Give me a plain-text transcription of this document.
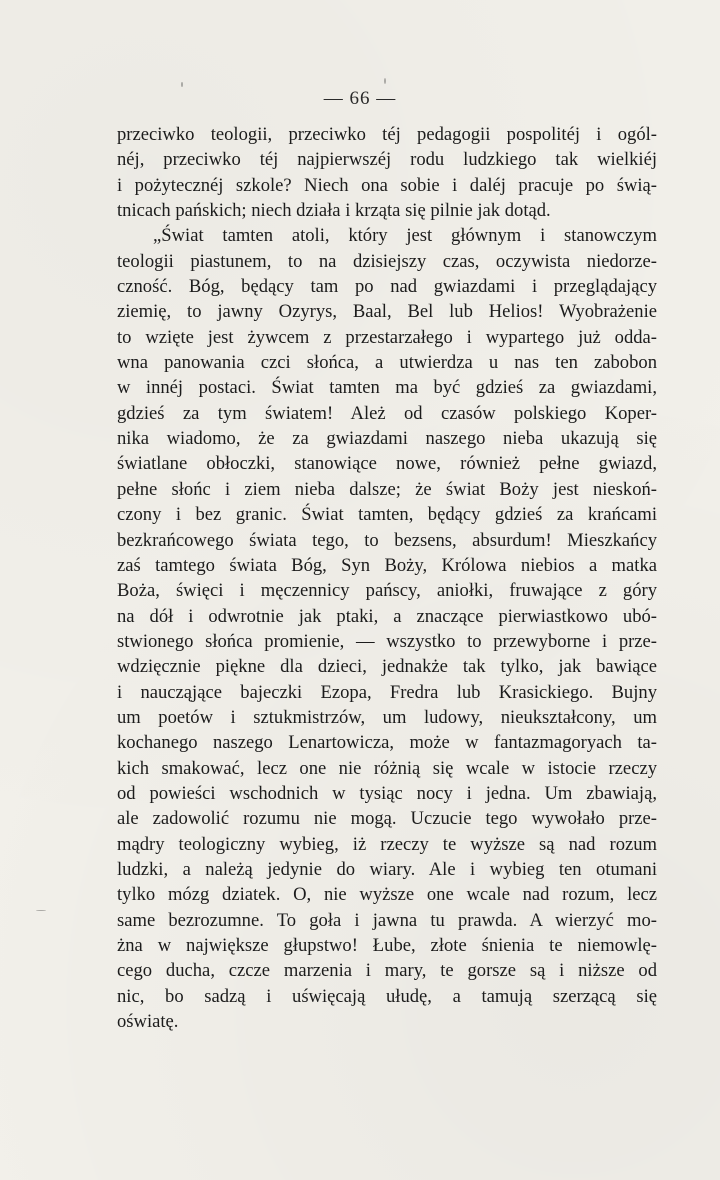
— 66 —
przeciwko teologii, przeciwko téj pedagogii pospolitéj i ogól-
néj, przeciwko téj najpierwszéj rodu ludzkiego tak wielkiéj
i pożytecznéj szkole? Niech ona sobie i daléj pracuje po świą-
tnicach pańskich; niech działa i krząta się pilnie jak dotąd.
„Świat tamten atoli, który jest głównym i stanowczym
teologii piastunem, to na dzisiejszy czas, oczywista niedorze-
czność. Bóg, będący tam po nad gwiazdami i przeglądający
ziemię, to jawny Ozyrys, Baal, Bel lub Helios! Wyobrażenie
to wzięte jest żywcem z przestarzałego i wypartego już odda-
wna panowania czci słońca, a utwierdza u nas ten zabobon
w innéj postaci. Świat tamten ma być gdzieś za gwiazdami,
gdzieś za tym światem! Ależ od czasów polskiego Koper-
nika wiadomo, że za gwiazdami naszego nieba ukazują się
światlane obłoczki, stanowiące nowe, również pełne gwiazd,
pełne słońc i ziem nieba dalsze; że świat Boży jest nieskoń-
czony i bez granic. Świat tamten, będący gdzieś za krańcami
bezkrańcowego świata tego, to bezsens, absurdum! Mieszkańcy
zaś tamtego świata Bóg, Syn Boży, Królowa niebios a matka
Boża, święci i męczennicy pańscy, aniołki, fruwające z góry
na dół i odwrotnie jak ptaki, a znaczące pierwiastkowo ubó-
stwionego słońca promienie, — wszystko to przewyborne i prze-
wdzięcznie piękne dla dzieci, jednakże tak tylko, jak bawiące
i naucząjące bajeczki Ezopa, Fredra lub Krasickiego. Bujny
um poetów i sztukmistrzów, um ludowy, nieukształcony, um
kochanego naszego Lenartowicza, może w fantazmagoryach ta-
kich smakować, lecz one nie różnią się wcale w istocie rzeczy
od powieści wschodnich w tysiąc nocy i jedna. Um zbawiają,
ale zadowolić rozumu nie mogą. Uczucie tego wywołało prze-
mądry teologiczny wybieg, iż rzeczy te wyższe są nad rozum
ludzki, a należą jedynie do wiary. Ale i wybieg ten otumani
tylko mózg dziatek. O, nie wyższe one wcale nad rozum, lecz
same bezrozumne. To goła i jawna tu prawda. A wierzyć mo-
żna w największe głupstwo! Łube, złote śnienia te niemowlę-
cego ducha, czcze marzenia i mary, te gorsze są i niższe od
nic, bo sadzą i uświęcają ułudę, a tamują szerzącą się
oświatę.
